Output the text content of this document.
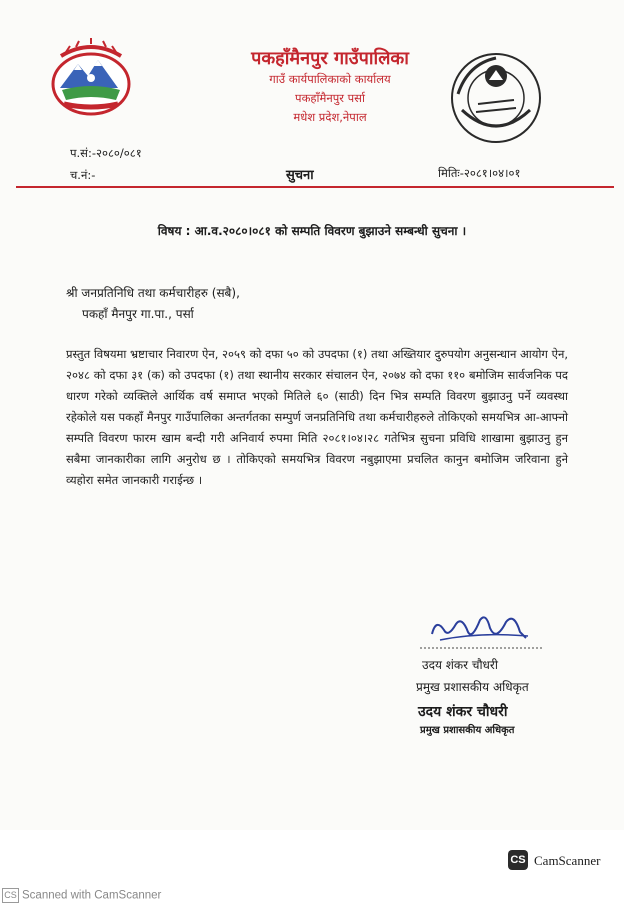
पकहाँमैनपुर गाउँपालिका
गाउँ कार्यपालिकाको कार्यालय
पकहाँमैनपुर पर्सा
मधेश प्रदेश,नेपाल
प.सं:-२०८०/०८१
च.नं:-	सुचना	मितिः-२०८१।०४।०१
विषय : आ.व.२०८०।०८१ को सम्पति विवरण बुझाउने सम्बन्धी सुचना ।
श्री जनप्रतिनिधि तथा कर्मचारीहरु (सबै),
पकहाँ मैनपुर गा.पा., पर्सा
प्रस्तुत विषयमा भ्रष्टाचार निवारण ऐन, २०५९ को दफा ५० को उपदफा (१) तथा अख्तियार दुरुपयोग अनुसन्धान आयोग ऐन, २०४८ को दफा ३१ (क) को उपदफा (१) तथा स्थानीय सरकार संचालन ऐन, २०७४ को दफा ११० बमोजिम सार्वजनिक पद धारण गरेको व्यक्तिले आर्थिक वर्ष समाप्त भएको मितिले ६० (साठी) दिन भित्र सम्पति विवरण बुझाउनु पर्ने व्यवस्था रहेकोले यस पकहाँ मैनपुर गाउँपालिका अन्तर्गतका सम्पुर्ण जनप्रतिनिधि तथा कर्मचारीहरुले तोकिएको समयभित्र आ-आफ्नो सम्पति विवरण फारम खाम बन्दी गरी अनिवार्य रुपमा मिति २०८१।०४।२८ गतेभित्र सुचना प्रविधि शाखामा बुझाउनु हुन सबैमा जानकारीका लागि अनुरोध छ । तोकिएको समयभित्र विवरण नबुझाएमा प्रचलित कानुन बमोजिम जरिवाना हुने व्यहोरा समेत जानकारी गराईन्छ ।
उदय शंकर चौधरी
प्रमुख प्रशासकीय अधिकृत
उदय शंकर चौधरी
प्रमुख प्रशासकीय अधिकृत
CS CamScanner
CS Scanned with CamScanner
